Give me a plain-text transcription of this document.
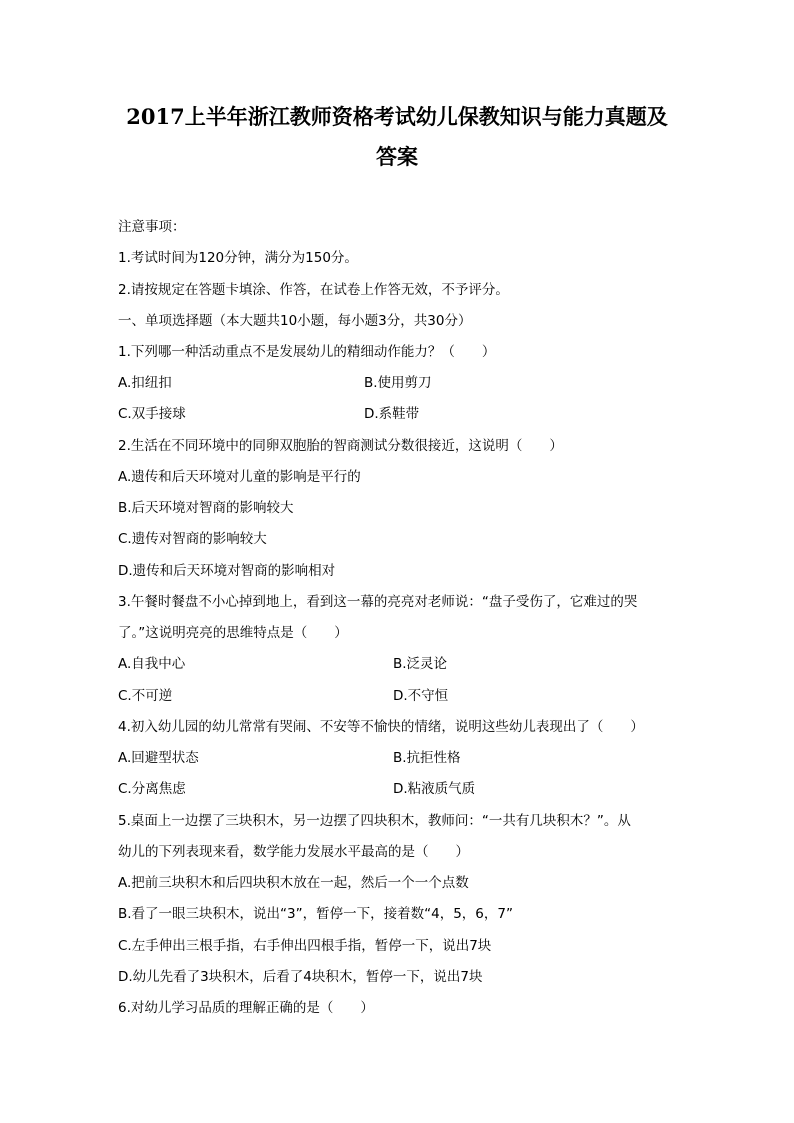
2017上半年浙江教师资格考试幼儿保教知识与能力真题及
答案
注意事项：
1.考试时间为120分钟，满分为150分。
2.请按规定在答题卡填涂、作答，在试卷上作答无效，不予评分。
一、单项选择题（本大题共10小题，每小题3分，共30分）
1.下列哪一种活动重点不是发展幼儿的精细动作能力？（　　）
A.扣纽扣	B.使用剪刀
C.双手接球	D.系鞋带
2.生活在不同环境中的同卵双胞胎的智商测试分数很接近，这说明（　　）
A.遗传和后天环境对儿童的影响是平行的
B.后天环境对智商的影响较大
C.遗传对智商的影响较大
D.遗传和后天环境对智商的影响相对
3.午餐时餐盘不小心掉到地上，看到这一幕的亮亮对老师说：“盘子受伤了，它难过的哭
了。”这说明亮亮的思维特点是（　　）
A.自我中心	B.泛灵论
C.不可逆	D.不守恒
4.初入幼儿园的幼儿常常有哭闹、不安等不愉快的情绪，说明这些幼儿表现出了（　　）
A.回避型状态	B.抗拒性格
C.分离焦虑	D.粘液质气质
5.桌面上一边摆了三块积木，另一边摆了四块积木，教师问：“一共有几块积木？”。从
幼儿的下列表现来看，数学能力发展水平最高的是（　　）
A.把前三块积木和后四块积木放在一起，然后一个一个点数
B.看了一眼三块积木，说出“3”，暂停一下，接着数“4，5，6，7”
C.左手伸出三根手指，右手伸出四根手指，暂停一下，说出7块
D.幼儿先看了3块积木，后看了4块积木，暂停一下，说出7块
6.对幼儿学习品质的理解正确的是（　　）
